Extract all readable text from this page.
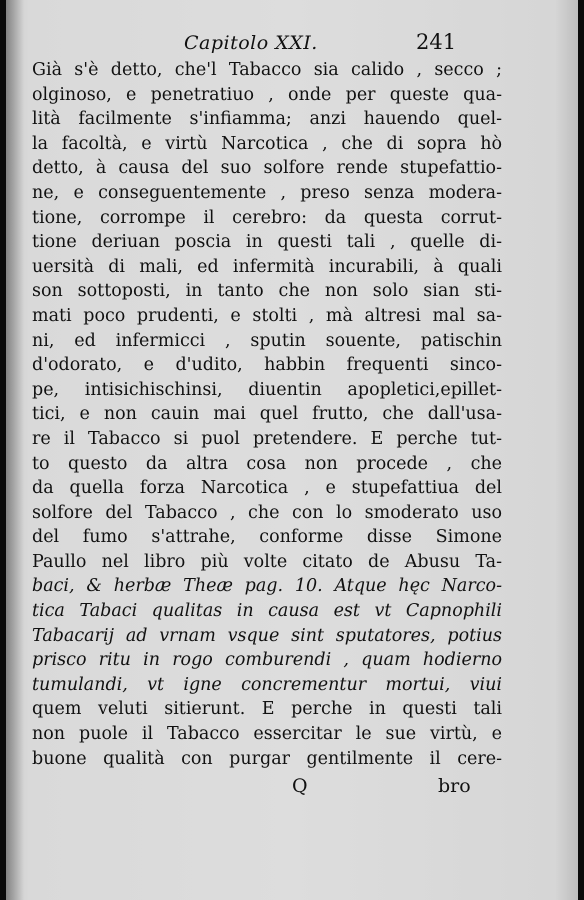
Capitolo XXI.	241
Già s'è detto, che'l Tabacco sia calido , secco ;
olginoso, e penetratiuo , onde per queste qua-
lità facilmente s'infiamma; anzi hauendo quel-
la facoltà, e virtù Narcotica , che di sopra hò
detto, à causa del suo solfore rende stupefattio-
ne, e conseguentemente , preso senza modera-
tione, corrompe il cerebro: da questa corrut-
tione deriuan poscia in questi tali , quelle di-
uersità di mali, ed infermità incurabili, à quali
son sottoposti, in tanto che non solo sian sti-
mati poco prudenti, e stolti , mà altresi mal sa-
ni, ed infermicci , sputin souente, patischin
d'odorato, e d'udito, habbin frequenti sinco-
pe, intisichischinsi, diuentin apopletici,epillet-
tici, e non cauin mai quel frutto, che dall'usa-
re il Tabacco si puol pretendere. E perche tut-
to questo da altra cosa non procede , che
da quella forza Narcotica , e stupefattiua del
solfore del Tabacco , che con lo smoderato uso
del fumo s'attrahe, conforme disse Simone
Paullo nel libro più volte citato de Abusu Ta-
baci, & herbæ Theæ pag. 10. Atque hęc Narco-
tica Tabaci qualitas in causa est vt Capnophili
Tabacarij ad vrnam vsque sint sputatores, potius
prisco ritu in rogo comburendi , quam hodierno
tumulandi, vt igne concrementur mortui, viui
quem veluti sitierunt. E perche in questi tali
non puole il Tabacco essercitar le sue virtù, e
buone qualità con purgar gentilmente il cere-
Q	bro
